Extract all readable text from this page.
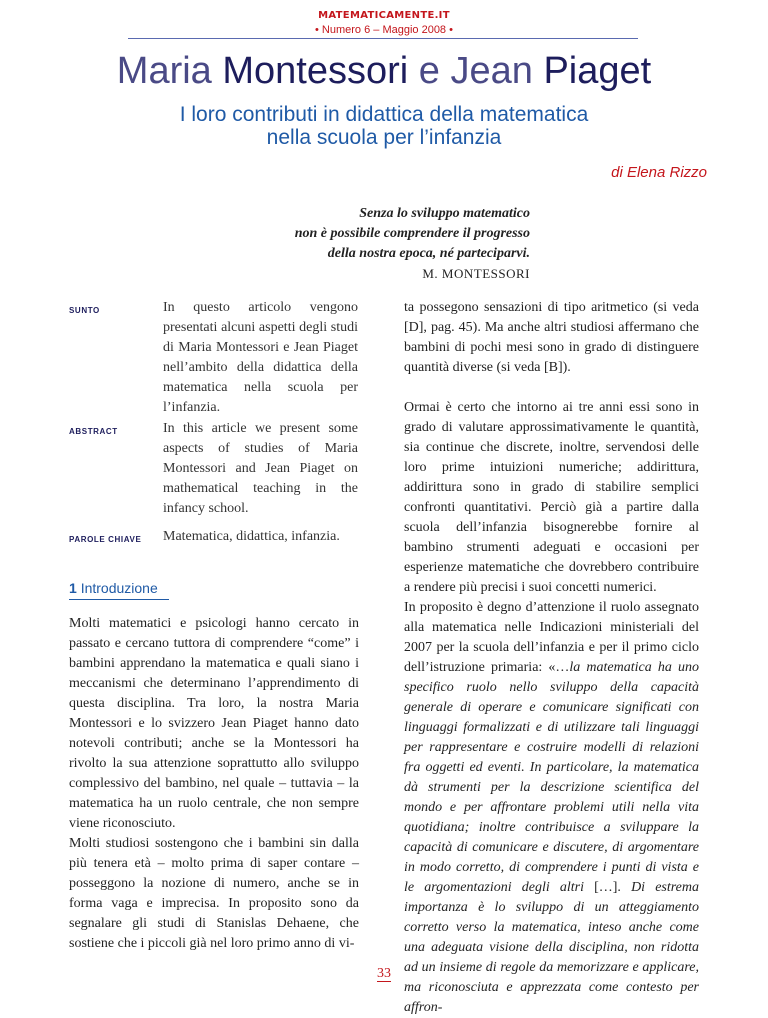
MATEMATICAMENTE.IT
• Numero 6 – Maggio 2008 •
Maria Montessori e Jean Piaget
I loro contributi in didattica della matematica
nella scuola per l’infanzia
di Elena Rizzo
Senza lo sviluppo matematico
non è possibile comprendere il progresso
della nostra epoca, né parteciparvi.
M. MONTESSORI
SUNTO	In questo articolo vengono presentati alcuni aspetti degli studi di Maria Montessori e Jean Piaget nell’ambito della didattica della matematica nella scuola per l’infanzia.
ABSTRACT	In this article we present some aspects of studies of Maria Montessori and Jean Piaget on mathematical teaching in the infancy school.
PAROLE CHIAVE Matematica, didattica, infanzia.
1 Introduzione

Molti matematici e psicologi hanno cercato in passato e cercano tuttora di comprendere “come” i bambini apprendano la matematica e quali siano i meccanismi che determinano l’apprendimento di questa disciplina. Tra loro, la nostra Maria Montessori e lo svizzero Jean Piaget hanno dato notevoli contributi; anche se la Montessori ha rivolto la sua attenzione soprattutto allo sviluppo complessivo del bambino, nel quale – tuttavia – la matematica ha un ruolo centrale, che non sempre viene riconosciuto.

Molti studiosi sostengono che i bambini sin dalla più tenera età – molto prima di saper contare – posseggono la nozione di numero, anche se in forma vaga e imprecisa. In proposito sono da segnalare gli studi di Stanislas Dehaene, che sostiene che i piccoli già nel loro primo anno di vi-

ta possegono sensazioni di tipo aritmetico (si veda [D], pag. 45). Ma anche altri studiosi affermano che bambini di pochi mesi sono in grado di distinguere quantità diverse (si veda [B]).

Ormai è certo che intorno ai tre anni essi sono in grado di valutare approssimativamente le quantità, sia continue che discrete, inoltre, servendosi delle loro prime intuizioni numeriche; addirittura, addirittura sono in grado di stabilire semplici confronti quantitativi. Perciò già a partire dalla scuola dell’infanzia bisognerebbe fornire al bambino strumenti adeguati e occasioni per esperienze matematiche che dovrebbero contribuire a rendere più precisi i suoi concetti numerici.

In proposito è degno d’attenzione il ruolo assegnato alla matematica nelle Indicazioni ministeriali del 2007 per la scuola dell’infanzia e per il primo ciclo dell’istruzione primaria: «…la matematica ha uno specifico ruolo nello sviluppo della capacità generale di operare e comunicare significati con linguaggi formalizzati e di utilizzare tali linguaggi per rappresentare e costruire modelli di relazioni fra oggetti ed eventi. In particolare, la matematica dà strumenti per la descrizione scientifica del mondo e per affrontare problemi utili nella vita quotidiana; inoltre contribuisce a sviluppare la capacità di comunicare e discutere, di argomentare in modo corretto, di comprendere i punti di vista e le argomentazioni degli altri […]. Di estrema importanza è lo sviluppo di un atteggiamento corretto verso la matematica, inteso anche come una adeguata visione della disciplina, non ridotta ad un insieme di regole da memorizzare e applicare, ma riconosciuta e apprezzata come contesto per affron-

33
